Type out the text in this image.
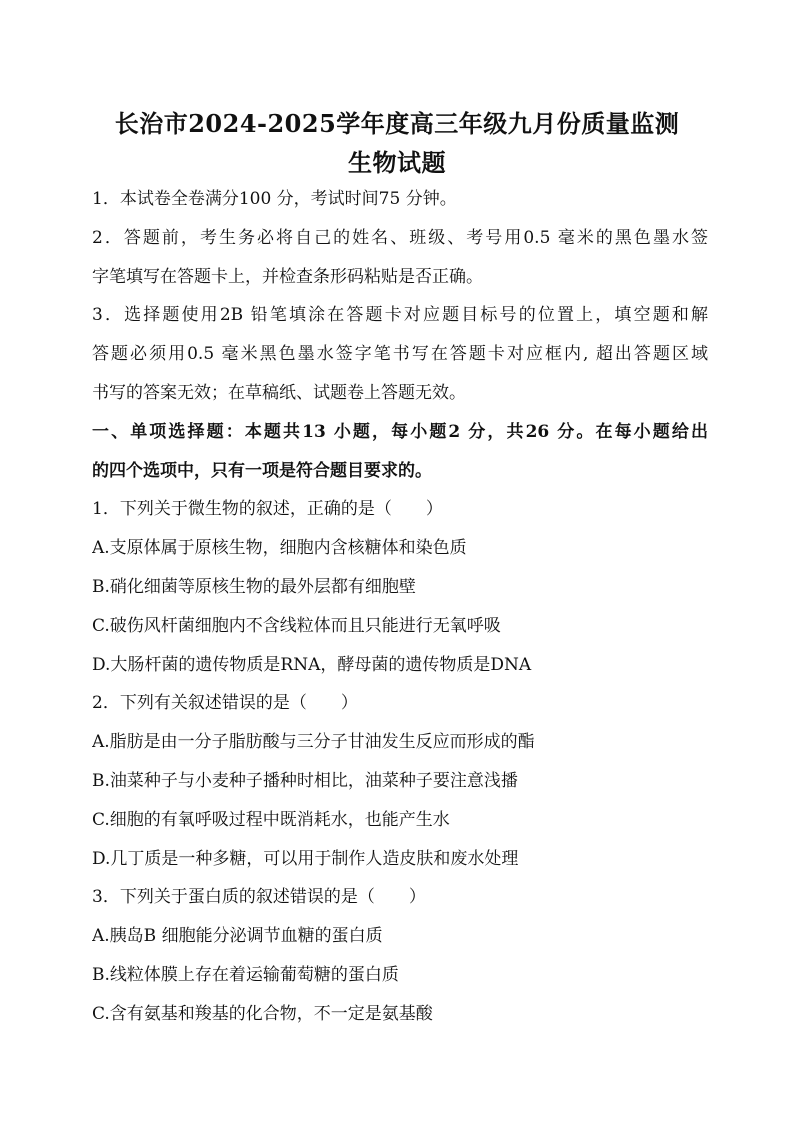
长治市2024-2025学年度高三年级九月份质量监测
生物试题
1．本试卷全卷满分100 分，考试时间75 分钟。
2．答题前，考生务必将自己的姓名、班级、考号用0.5 毫米的黑色墨水签
字笔填写在答题卡上，并检查条形码粘贴是否正确。
3．选择题使用2B 铅笔填涂在答题卡对应题目标号的位置上，填空题和解
答题必须用0.5 毫米黑色墨水签字笔书写在答题卡对应框内, 超出答题区域
书写的答案无效；在草稿纸、试题卷上答题无效。
一、单项选择题：本题共13 小题，每小题2 分，共26 分。在每小题给出
的四个选项中，只有一项是符合题目要求的。
1．下列关于微生物的叙述，正确的是（　　）
A.支原体属于原核生物，细胞内含核糖体和染色质
B.硝化细菌等原核生物的最外层都有细胞壁
C.破伤风杆菌细胞内不含线粒体而且只能进行无氧呼吸
D.大肠杆菌的遗传物质是RNA，酵母菌的遗传物质是DNA
2．下列有关叙述错误的是（　　）
A.脂肪是由一分子脂肪酸与三分子甘油发生反应而形成的酯
B.油菜种子与小麦种子播种时相比，油菜种子要注意浅播
C.细胞的有氧呼吸过程中既消耗水，也能产生水
D.几丁质是一种多糖，可以用于制作人造皮肤和废水处理
3．下列关于蛋白质的叙述错误的是（　　）
A.胰岛B 细胞能分泌调节血糖的蛋白质
B.线粒体膜上存在着运输葡萄糖的蛋白质
C.含有氨基和羧基的化合物，不一定是氨基酸
